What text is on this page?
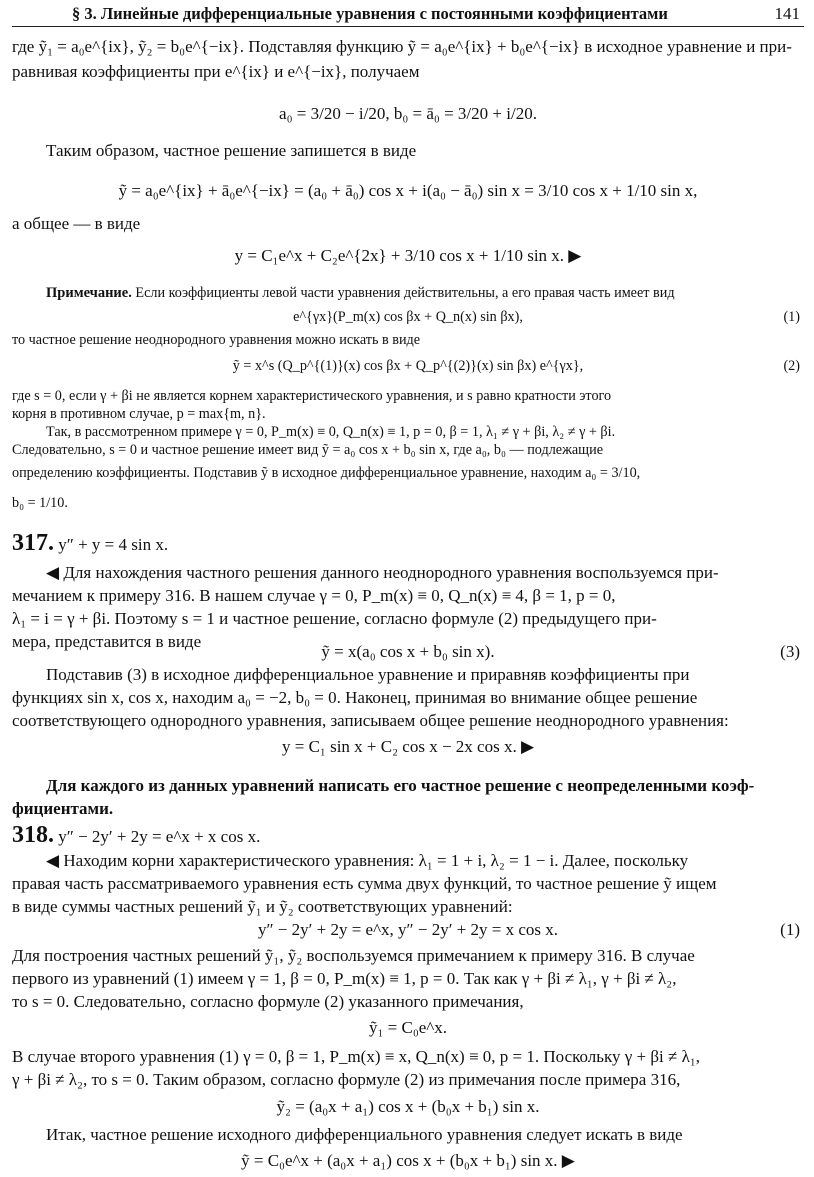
§ 3. Линейные дифференциальные уравнения с постоянными коэффициентами	141
где ỹ₁ = a₀e^{ix}, ỹ₂ = b₀e^{−ix}. Подставляя функцию ỹ = a₀e^{ix} + b₀e^{−ix} в исходное уравнение и при-
равнивая коэффициенты при e^{ix} и e^{−ix}, получаем
a₀ = 3/20 − i/20, b₀ = ā₀ = 3/20 + i/20.
Таким образом, частное решение запишется в виде
ỹ = a₀e^{ix} + ā₀e^{−ix} = (a₀ + ā₀) cos x + i(a₀ − ā₀) sin x = 3/10 cos x + 1/10 sin x,
а общее — в виде
y = C₁e^x + C₂e^{2x} + 3/10 cos x + 1/10 sin x. ▶
Примечание. Если коэффициенты левой части уравнения действительны, а его правая часть имеет вид
e^{γx}(P_m(x) cos βx + Q_n(x) sin βx),	(1)
то частное решение неоднородного уравнения можно искать в виде
ỹ = x^s (Q_p^{(1)}(x) cos βx + Q_p^{(2)}(x) sin βx) e^{γx},	(2)
где s = 0, если γ + βi не является корнем характеристического уравнения, и s равно кратности этого
корня в противном случае, p = max{m, n}.
Так, в рассмотренном примере γ = 0, P_m(x) ≡ 0, Q_n(x) ≡ 1, p = 0, β = 1, λ₁ ≠ γ + βi, λ₂ ≠ γ + βi.
Следовательно, s = 0 и частное решение имеет вид ỹ = a₀ cos x + b₀ sin x, где a₀, b₀ — подлежащие
определению коэффициенты. Подставив ỹ в исходное дифференциальное уравнение, находим a₀ = 3/10,
b₀ = 1/10.
317. y″ + y = 4 sin x.
◀ Для нахождения частного решения данного неоднородного уравнения воспользуемся при-
мечанием к примеру 316. В нашем случае γ = 0, P_m(x) ≡ 0, Q_n(x) ≡ 4, β = 1, p = 0,
λ₁ = i = γ + βi. Поэтому s = 1 и частное решение, согласно формуле (2) предыдущего при-
мера, представится в виде
ỹ = x(a₀ cos x + b₀ sin x).	(3)
Подставив (3) в исходное дифференциальное уравнение и приравняв коэффициенты при
функциях sin x, cos x, находим a₀ = −2, b₀ = 0. Наконец, принимая во внимание общее решение
соответствующего однородного уравнения, записываем общее решение неоднородного уравнения:
y = C₁ sin x + C₂ cos x − 2x cos x. ▶
Для каждого из данных уравнений написать его частное решение с неопределенными коэф-
фициентами.
318. y″ − 2y′ + 2y = e^x + x cos x.
◀ Находим корни характеристического уравнения: λ₁ = 1 + i, λ₂ = 1 − i. Далее, поскольку
правая часть рассматриваемого уравнения есть сумма двух функций, то частное решение ỹ ищем
в виде суммы частных решений ỹ₁ и ỹ₂ соответствующих уравнений:
y″ − 2y′ + 2y = e^x, y″ − 2y′ + 2y = x cos x.	(1)
Для построения частных решений ỹ₁, ỹ₂ воспользуемся примечанием к примеру 316. В случае
первого из уравнений (1) имеем γ = 1, β = 0, P_m(x) ≡ 1, p = 0. Так как γ + βi ≠ λ₁, γ + βi ≠ λ₂,
то s = 0. Следовательно, согласно формуле (2) указанного примечания,
ỹ₁ = C₀e^x.
В случае второго уравнения (1) γ = 0, β = 1, P_m(x) ≡ x, Q_n(x) ≡ 0, p = 1. Поскольку γ + βi ≠ λ₁,
γ + βi ≠ λ₂, то s = 0. Таким образом, согласно формуле (2) из примечания после примера 316,
ỹ₂ = (a₀x + a₁) cos x + (b₀x + b₁) sin x.
Итак, частное решение исходного дифференциального уравнения следует искать в виде
ỹ = C₀e^x + (a₀x + a₁) cos x + (b₀x + b₁) sin x. ▶
